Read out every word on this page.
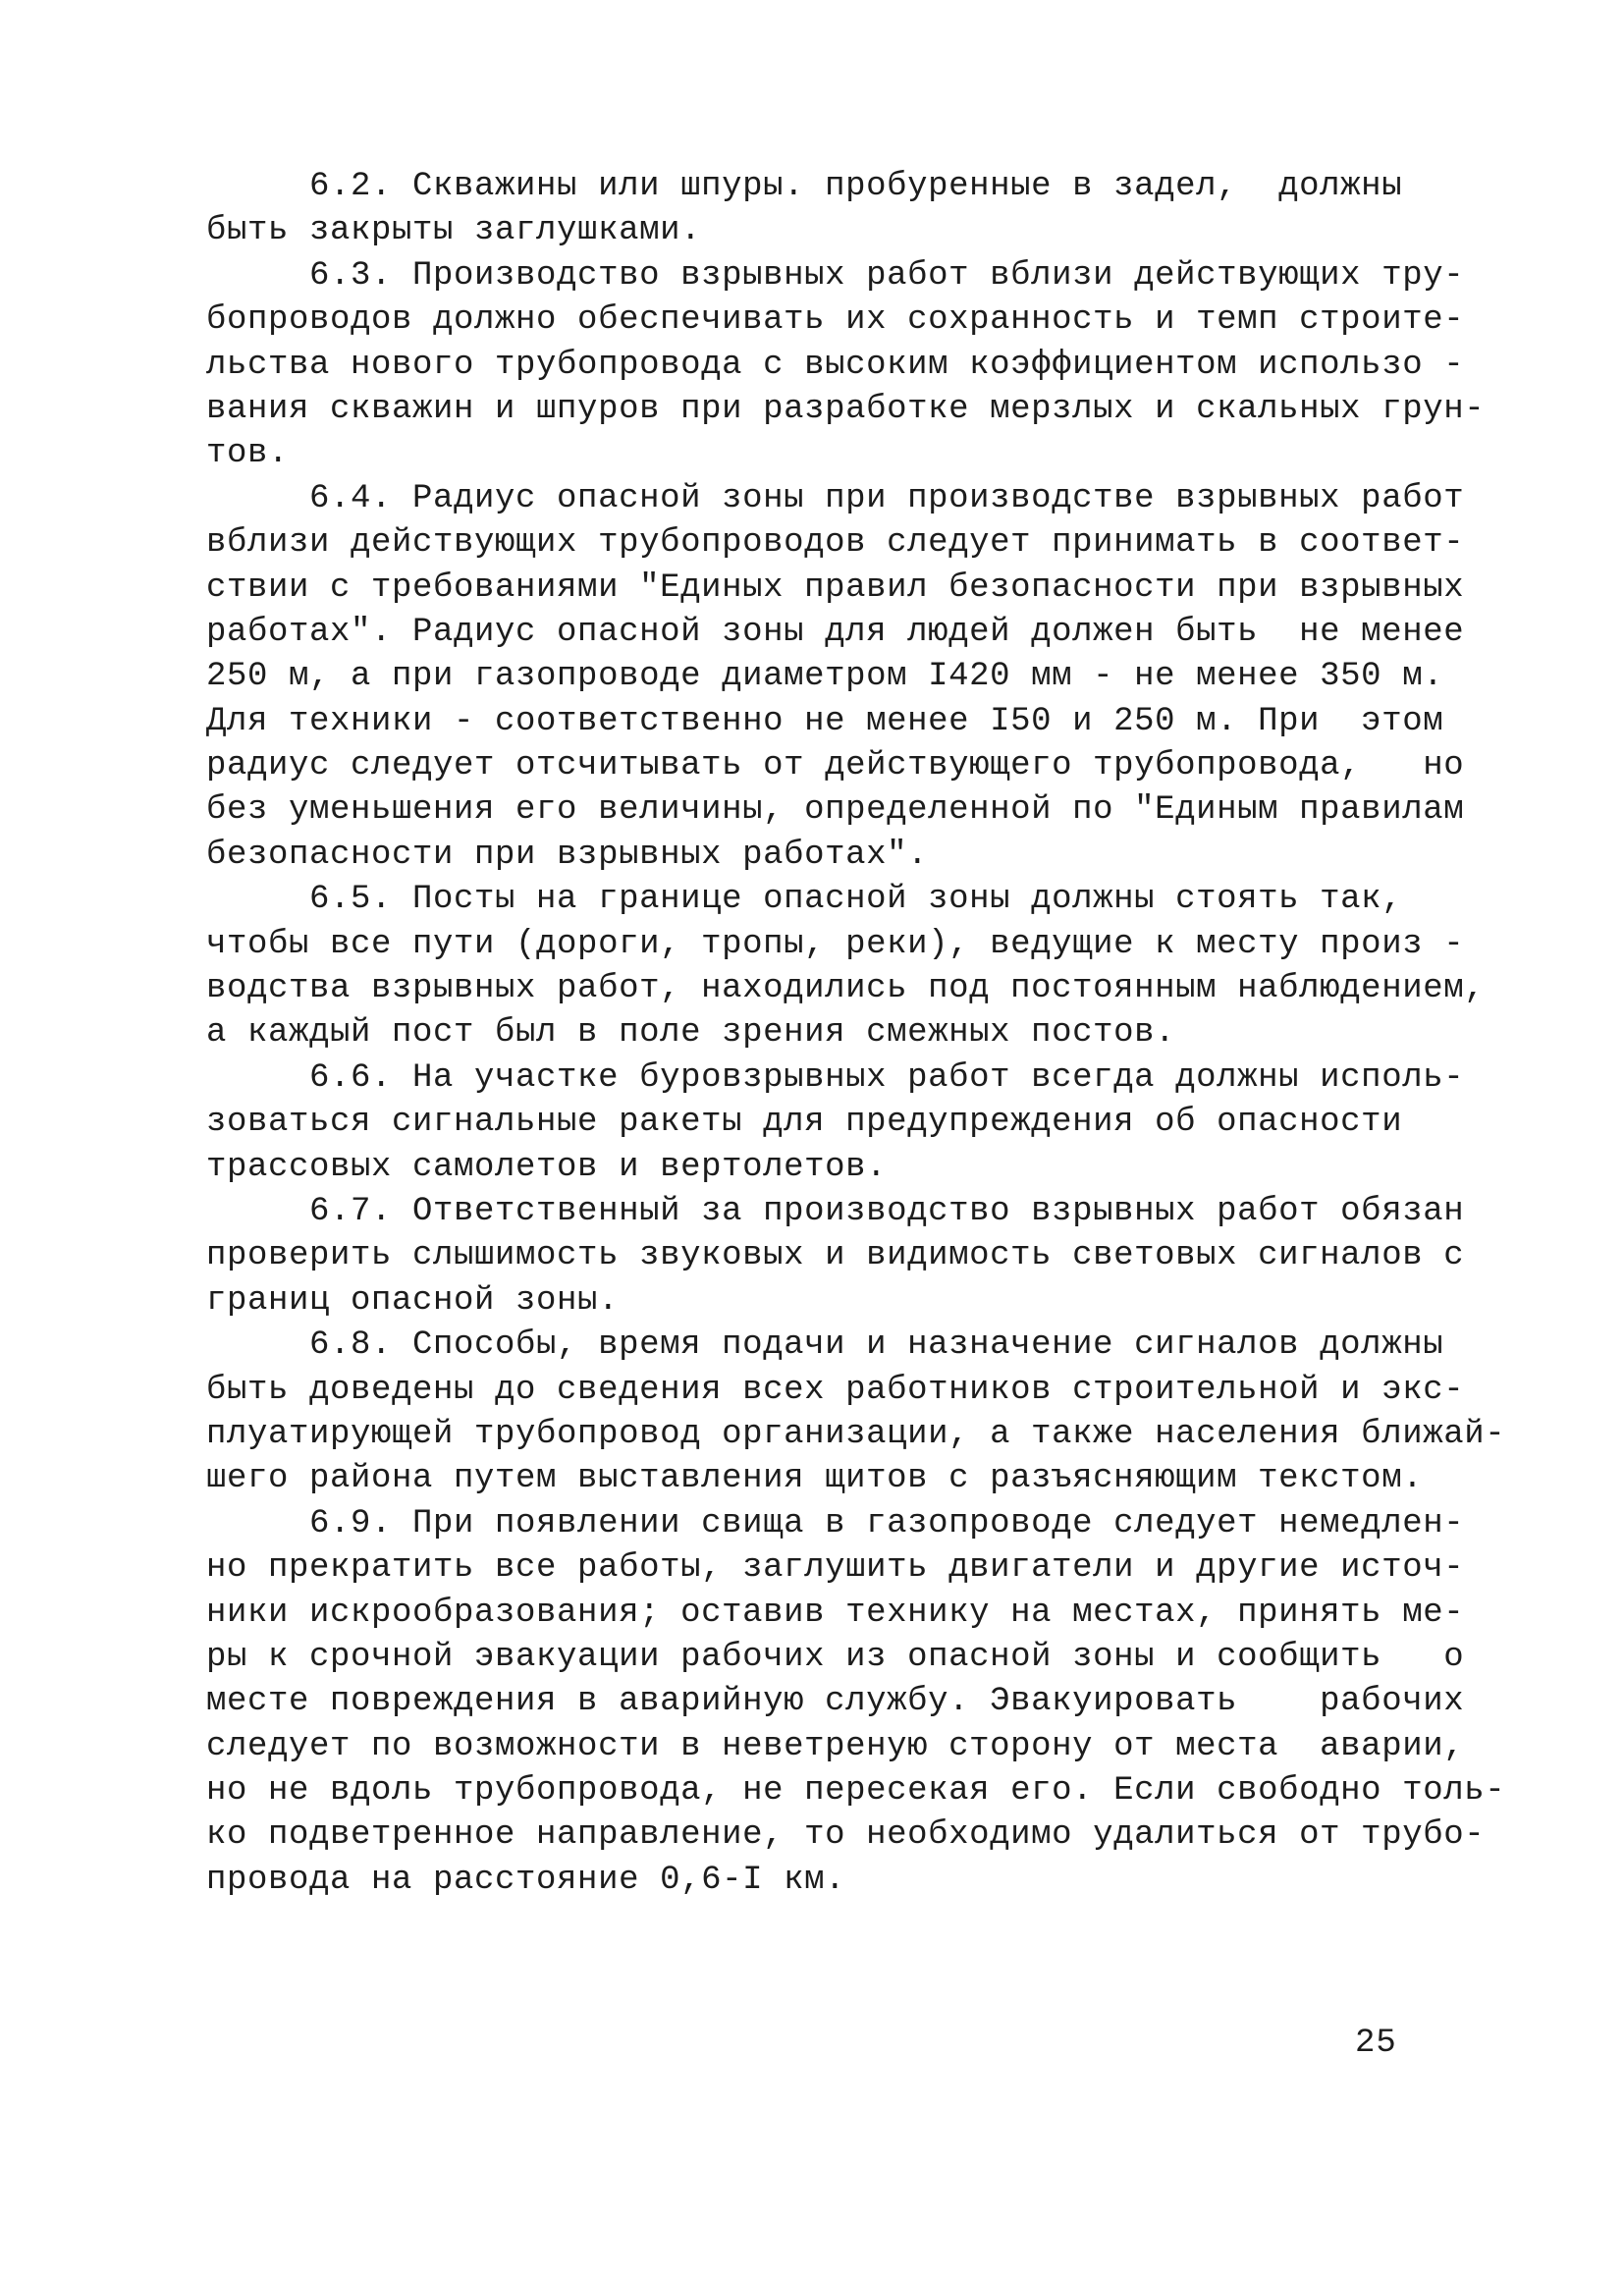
6.2. Скважины или шпуры. пробуренные в задел,  должны
быть закрыты заглушками.
6.3. Производство взрывных работ вблизи действующих тру-
бопроводов должно обеспечивать их сохранность и темп строите-
льства нового трубопровода с высоким коэффициентом использо -
вания скважин и шпуров при разработке мерзлых и скальных грун-
тов.
6.4. Радиус опасной зоны при производстве взрывных работ
вблизи действующих трубопроводов следует принимать в соответ-
ствии с требованиями "Единых правил безопасности при взрывных
работах". Радиус опасной зоны для людей должен быть  не менее
250 м, а при газопроводе диаметром I420 мм - не менее 350 м.
Для техники - соответственно не менее I50 и 250 м. При  этом
радиус следует отсчитывать от действующего трубопровода,   но
без уменьшения его величины, определенной по "Единым правилам
безопасности при взрывных работах".
6.5. Посты на границе опасной зоны должны стоять так,
чтобы все пути (дороги, тропы, реки), ведущие к месту произ -
водства взрывных работ, находились под постоянным наблюдением,
а каждый пост был в поле зрения смежных постов.
6.6. На участке буровзрывных работ всегда должны исполь-
зоваться сигнальные ракеты для предупреждения об опасности
трассовых самолетов и вертолетов.
6.7. Ответственный за производство взрывных работ обязан
проверить слышимость звуковых и видимость световых сигналов с
границ опасной зоны.
6.8. Способы, время подачи и назначение сигналов должны
быть доведены до сведения всех работников строительной и экс-
плуатирующей трубопровод организации, а также населения ближай-
шего района путем выставления щитов с разъясняющим текстом.
6.9. При появлении свища в газопроводе следует немедлен-
но прекратить все работы, заглушить двигатели и другие источ-
ники искрообразования; оставив технику на местах, принять ме-
ры к срочной эвакуации рабочих из опасной зоны и сообщить   о
месте повреждения в аварийную службу. Эвакуировать    рабочих
следует по возможности в неветреную сторону от места  аварии,
но не вдоль трубопровода, не пересекая его. Если свободно толь-
ко подветренное направление, то необходимо удалиться от трубо-
провода на расстояние 0,6-I км.
25
